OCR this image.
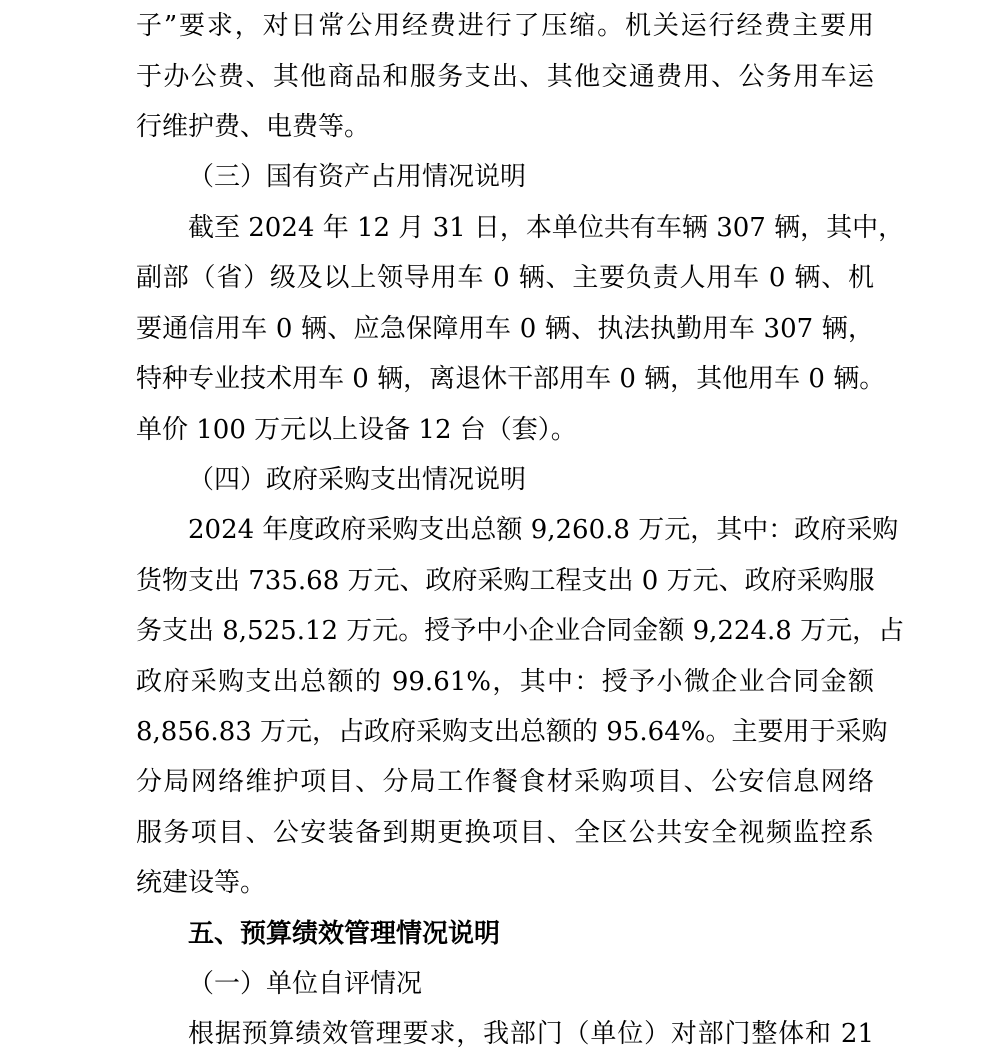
子”要求，对日常公用经费进行了压缩。机关运行经费主要用
于办公费、其他商品和服务支出、其他交通费用、公务用车运
行维护费、电费等。
（三）国有资产占用情况说明
截至 2024 年 12 月 31 日，本单位共有车辆 307 辆，其中，
副部（省）级及以上领导用车 0 辆、主要负责人用车 0 辆、机
要通信用车 0 辆、应急保障用车 0 辆、执法执勤用车 307 辆，
特种专业技术用车 0 辆，离退休干部用车 0 辆，其他用车 0 辆。
单价 100 万元以上设备 12 台（套）。
（四）政府采购支出情况说明
2024 年度政府采购支出总额 9,260.8 万元，其中：政府采购
货物支出 735.68 万元、政府采购工程支出 0 万元、政府采购服
务支出 8,525.12 万元。授予中小企业合同金额 9,224.8 万元，占
政府采购支出总额的 99.61%，其中：授予小微企业合同金额
8,856.83 万元，占政府采购支出总额的 95.64%。主要用于采购
分局网络维护项目、分局工作餐食材采购项目、公安信息网络
服务项目、公安装备到期更换项目、全区公共安全视频监控系
统建设等。
五、预算绩效管理情况说明
（一）单位自评情况
根据预算绩效管理要求，我部门（单位）对部门整体和 21
